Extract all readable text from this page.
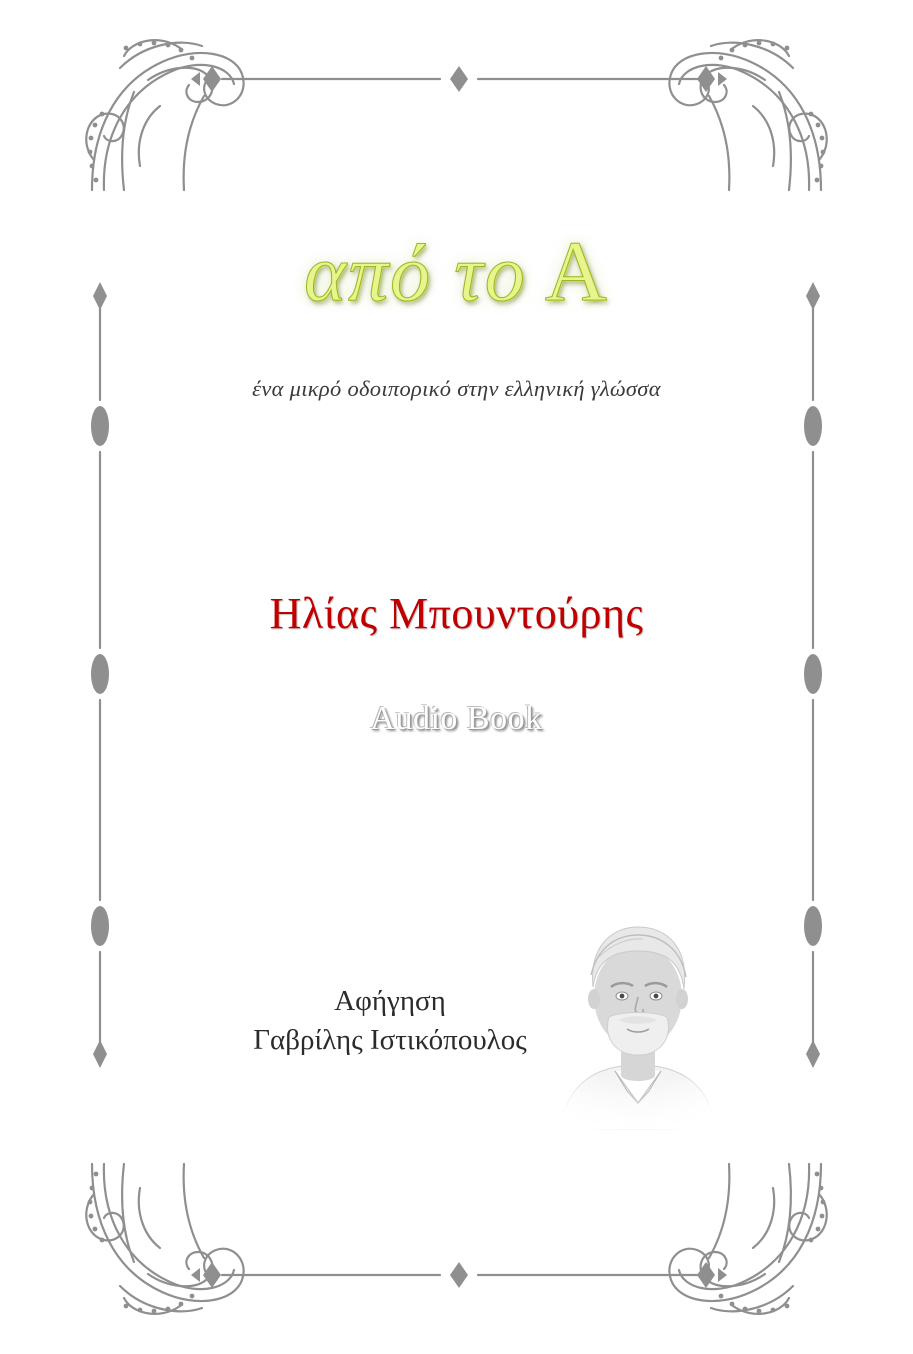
από το Α
ένα μικρό οδοιπορικό στην ελληνική γλώσσα
Ηλίας Μπουντούρης
Audio Book
Αφήγηση
Γαβρίλης Ιστικόπουλος
